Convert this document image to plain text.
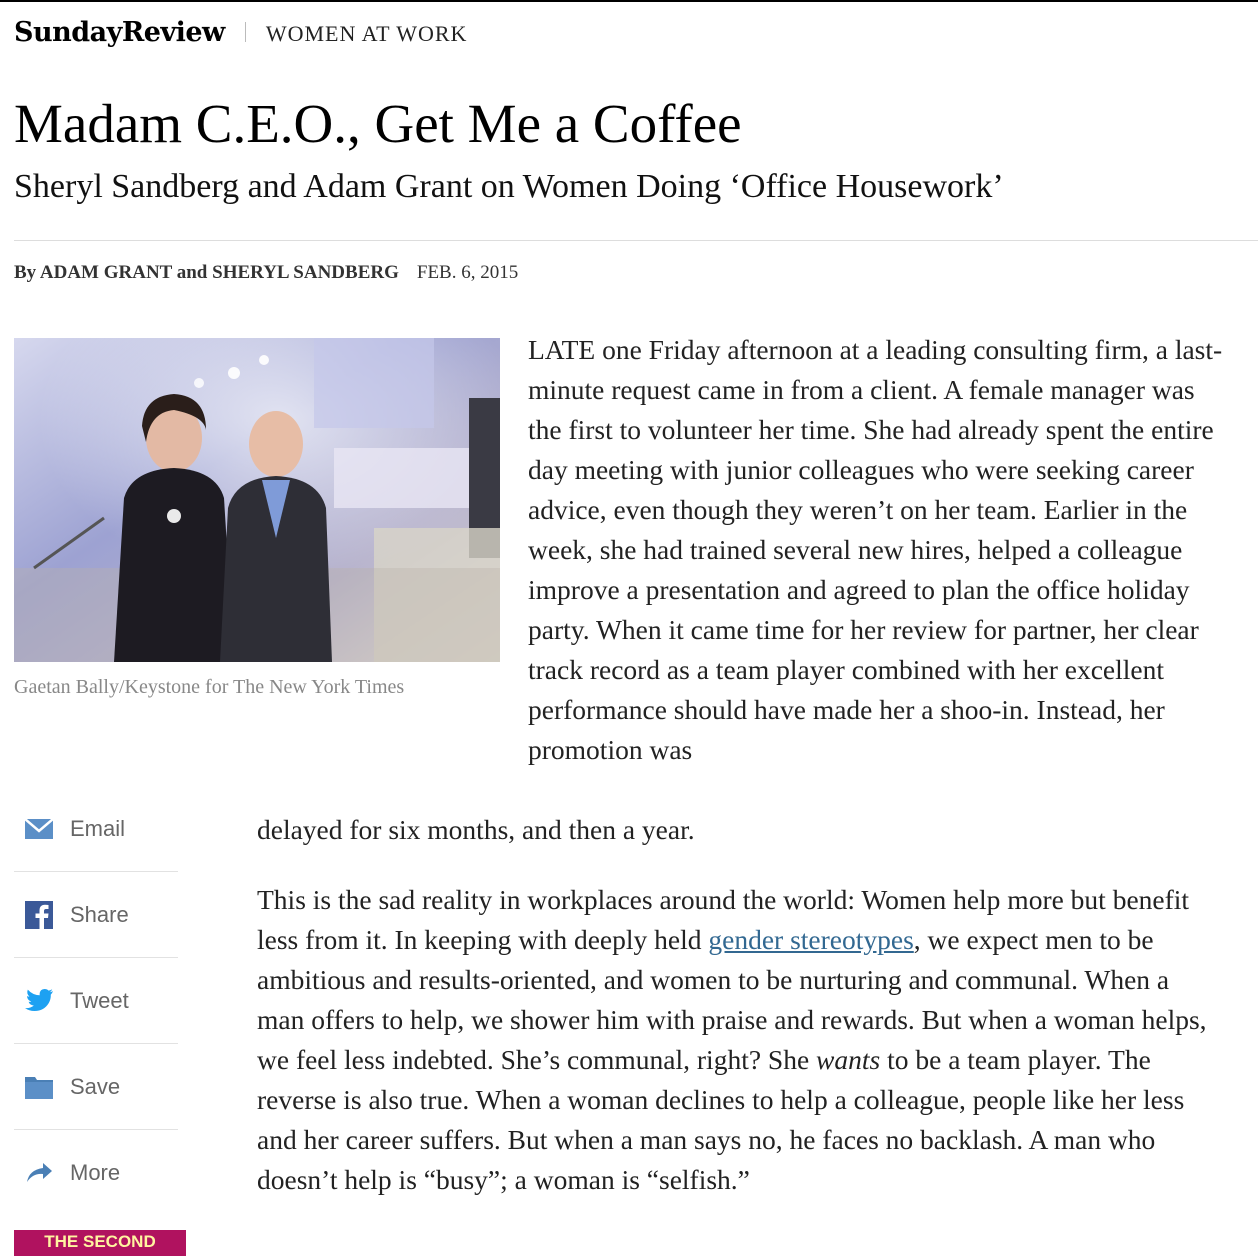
SundayReview WOMEN AT WORK
Madam C.E.O., Get Me a Coffee
Sheryl Sandberg and Adam Grant on Women Doing ‘Office Housework’
By ADAM GRANT and SHERYL SANDBERG FEB. 6, 2015
Gaetan Bally/Keystone for The New York Times
LATE one Friday afternoon at a leading consulting firm, a last-minute request came in from a client. A female manager was the first to volunteer her time. She had already spent the entire day meeting with junior colleagues who were seeking career advice, even though they weren’t on her team. Earlier in the week, she had trained several new hires, helped a colleague improve a presentation and agreed to plan the office holiday party. When it came time for her review for partner, her clear track record as a team player combined with her excellent performance should have made her a shoo-in. Instead, her promotion was
delayed for six months, and then a year.
This is the sad reality in workplaces around the world: Women help more but benefit less from it. In keeping with deeply held gender stereotypes, we expect men to be ambitious and results-oriented, and women to be nurturing and communal. When a man offers to help, we shower him with praise and rewards. But when a woman helps, we feel less indebted. She’s communal, right? She wants to be a team player. The reverse is also true. When a woman declines to help a colleague, people like her less and her career suffers. But when a man says no, he faces no backlash. A man who doesn’t help is “busy”; a woman is “selfish.”
Email
Share
Tweet
Save
More
THE SECOND
